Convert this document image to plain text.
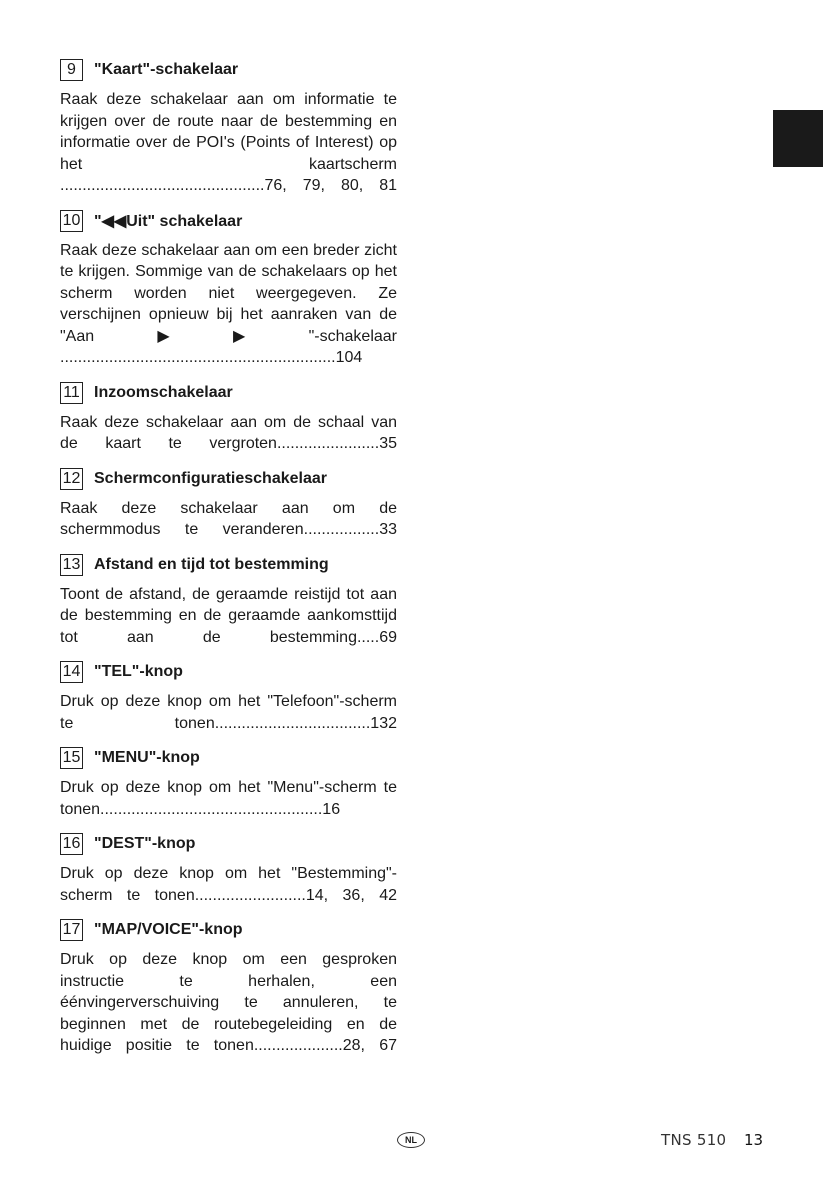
9	"Kaart"-schakelaar
Raak deze schakelaar aan om informatie te krijgen over de route naar de bestemming en informatie over de POI's (Points of Interest) op het kaartscherm ..............................................76, 79, 80, 81
10 "◀◀Uit" schakelaar
Raak deze schakelaar aan om een breder zicht te krijgen. Sommige van de schakelaars op het scherm worden niet weergegeven. Ze verschijnen opnieuw bij het aanraken van de "Aan▶▶"-schakelaar ..............................................................104
11 Inzoomschakelaar
Raak deze schakelaar aan om de schaal van de kaart te vergroten.......................35
12 Schermconfiguratieschakelaar
Raak deze schakelaar aan om de schermmodus te veranderen.................33
13 Afstand en tijd tot bestemming
Toont de afstand, de geraamde reistijd tot aan de bestemming en de geraamde aankomsttijd tot aan de bestemming.....69
14 "TEL"-knop
Druk op deze knop om het "Telefoon"-scherm te tonen...................................132
15 "MENU"-knop
Druk op deze knop om het "Menu"-scherm te tonen..................................................16
16 "DEST"-knop
Druk op deze knop om het "Bestemming"-scherm te tonen.........................14, 36, 42
17 "MAP/VOICE"-knop
Druk op deze knop om een gesproken instructie te herhalen, een éénvingerverschuiving te annuleren, te beginnen met de routebegeleiding en de huidige positie te tonen....................28, 67
NL	TNS 510 13
